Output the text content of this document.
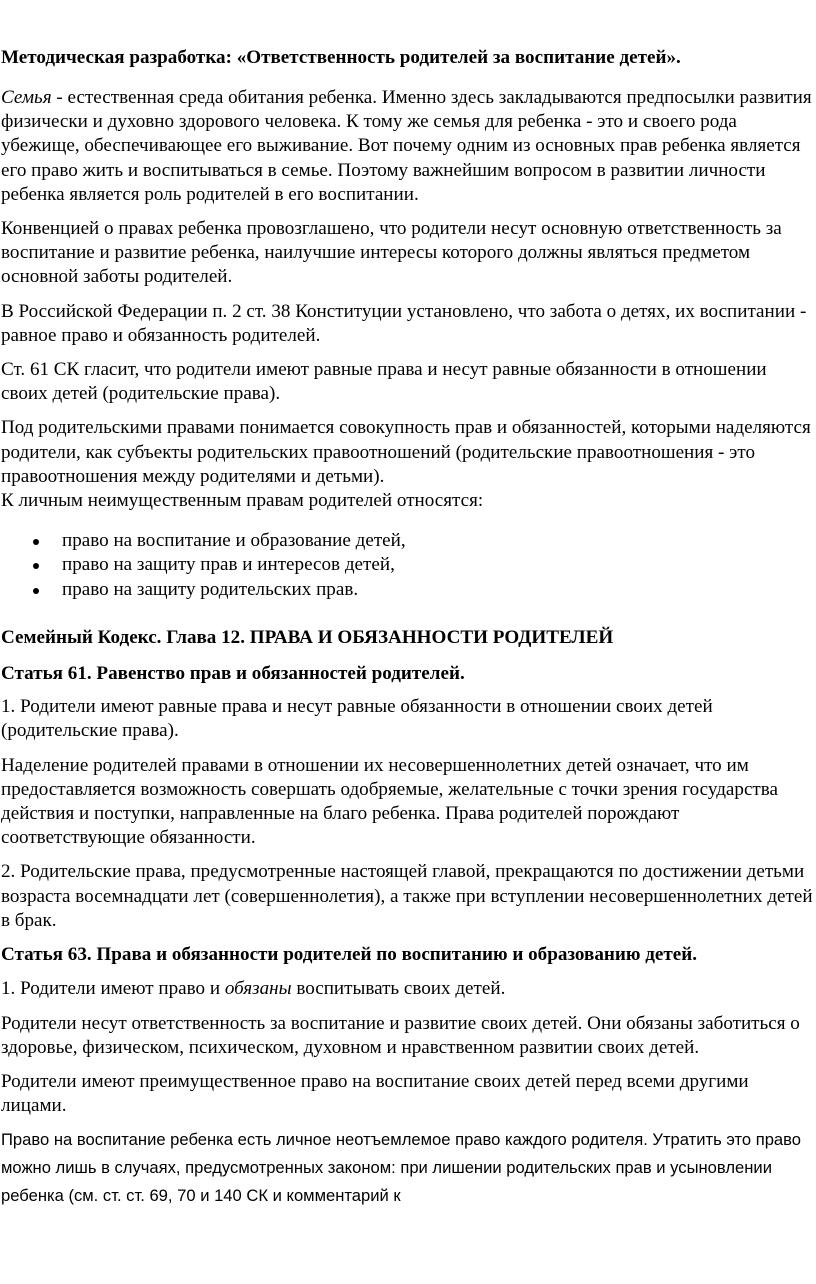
Методическая разработка: «Ответственность родителей за воспитание детей».

Семья - естественная среда обитания ребенка. Именно здесь закладываются предпосылки развития физически и духовно здорового человека. К тому же семья для ребенка - это и своего рода убежище, обеспечивающее его выживание. Вот почему одним из основных прав ребенка является его право жить и воспитываться в семье. Поэтому важнейшим вопросом в развитии личности ребенка является роль родителей в его воспитании.

Конвенцией о правах ребенка провозглашено, что родители несут основную ответственность за воспитание и развитие ребенка, наилучшие интересы которого должны являться предметом основной заботы родителей.

В Российской Федерации п. 2 ст. 38 Конституции установлено, что забота о детях, их воспитании - равное право и обязанность родителей.

Ст. 61 СК гласит, что родители имеют равные права и несут равные обязанности в отношении своих детей (родительские права).

Под родительскими правами понимается совокупность прав и обязанностей, которыми наделяются родители, как субъекты родительских правоотношений (родительские правоотношения - это правоотношения между родителями и детьми).

К личным неимущественным правам родителей относятся:

право на воспитание и образование детей,
право на защиту прав и интересов детей,
право на защиту родительских прав.
Семейный Кодекс. Глава 12. ПРАВА И ОБЯЗАННОСТИ РОДИТЕЛЕЙ
Статья 61. Равенство прав и обязанностей родителей.

1. Родители имеют равные права и несут равные обязанности в отношении своих детей (родительские права).

Наделение родителей правами в отношении их несовершеннолетних детей означает, что им предоставляется возможность совершать одобряемые, желательные с точки зрения государства действия и поступки, направленные на благо ребенка. Права родителей порождают соответствующие обязанности.

2. Родительские права, предусмотренные настоящей главой, прекращаются по достижении детьми возраста восемнадцати лет (совершеннолетия), а также при вступлении несовершеннолетних детей в брак.

Статья 63. Права и обязанности родителей по воспитанию и образованию детей.

1. Родители имеют право и обязаны воспитывать своих детей.

Родители несут ответственность за воспитание и развитие своих детей. Они обязаны заботиться о здоровье, физическом, психическом, духовном и нравственном развитии своих детей.

Родители имеют преимущественное право на воспитание своих детей перед всеми другими лицами.

Право на воспитание ребенка есть личное неотъемлемое право каждого родителя. Утратить это право можно лишь в случаях, предусмотренных законом: при лишении родительских прав и усыновлении ребенка (см. ст. ст. 69, 70 и 140 СК и комментарий к
